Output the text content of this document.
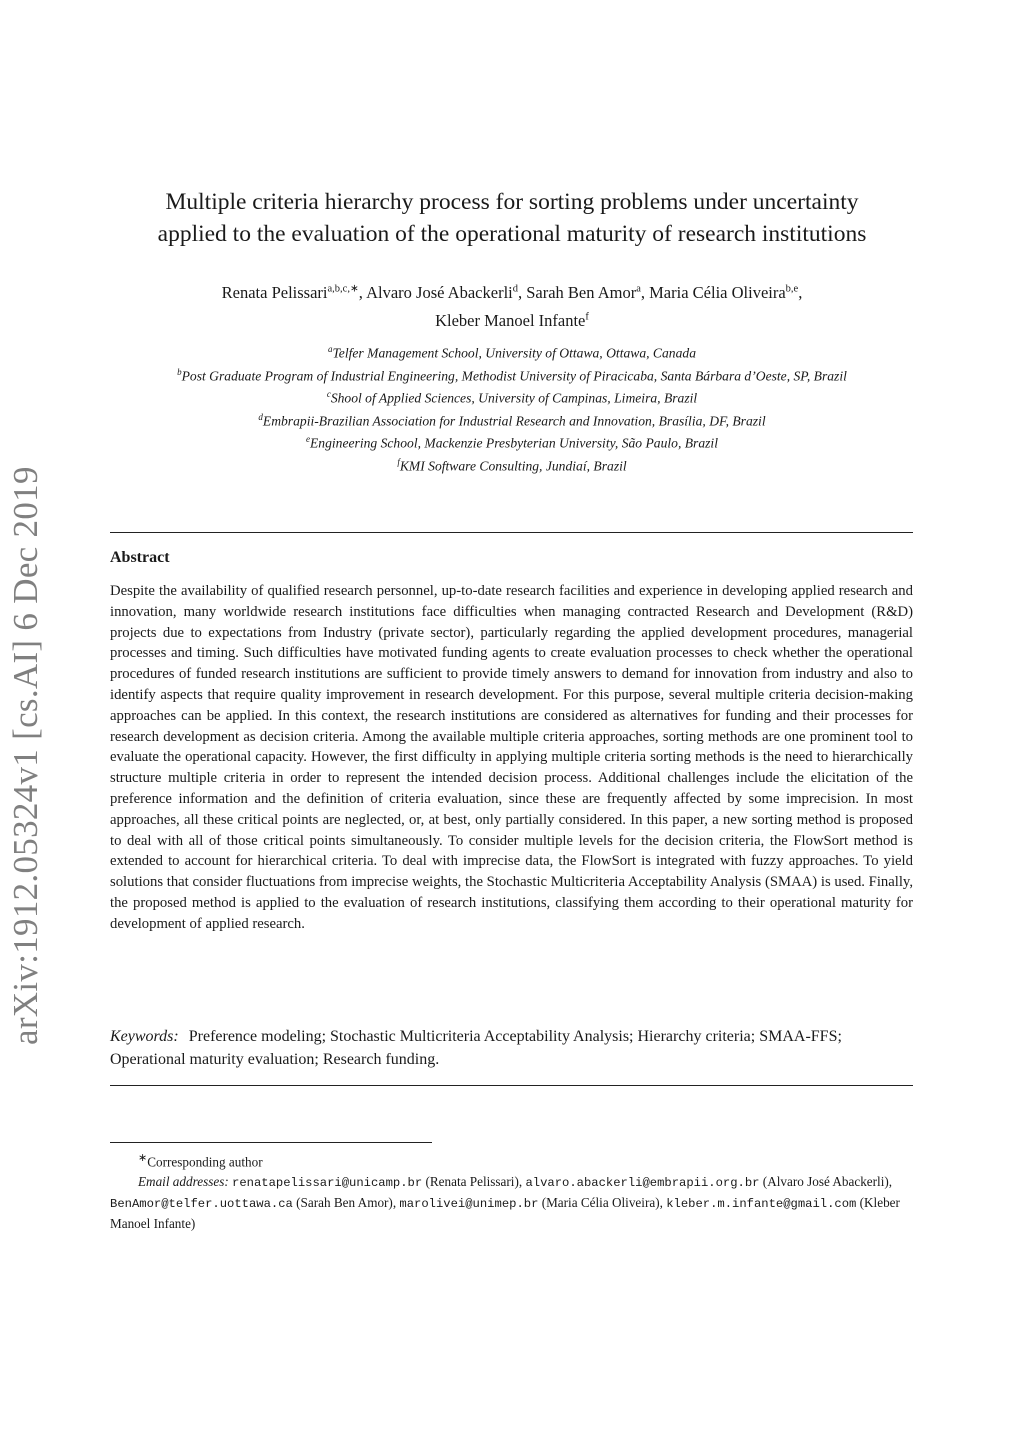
arXiv:1912.05324v1 [cs.AI] 6 Dec 2019
Multiple criteria hierarchy process for sorting problems under uncertainty
applied to the evaluation of the operational maturity of research institutions
Renata Pelissari$^{a,b,c,∗}$, Alvaro José Abackerli$^d$, Sarah Ben Amor$^a$, Maria Célia Oliveira$^{b,e}$,
Kleber Manoel Infante$^f$
$^a$Telfer Management School, University of Ottawa, Ottawa, Canada
$^b$Post Graduate Program of Industrial Engineering, Methodist University of Piracicaba, Santa Bárbara d’Oeste, SP, Brazil
$^c$Shool of Applied Sciences, University of Campinas, Limeira, Brazil
$^d$Embrapii-Brazilian Association for Industrial Research and Innovation, Brasília, DF, Brazil
$^e$Engineering School, Mackenzie Presbyterian University, São Paulo, Brazil
$^f$KMI Software Consulting, Jundiaí, Brazil
Abstract
Despite the availability of qualified research personnel, up-to-date research facilities and experience in developing applied research and innovation, many worldwide research institutions face difficulties when managing contracted Research and Development (R&D) projects due to expectations from Industry (private sector), particularly regarding the applied development procedures, managerial processes and timing. Such difficulties have motivated funding agents to create evaluation processes to check whether the operational procedures of funded research institutions are sufficient to provide timely answers to demand for innovation from industry and also to identify aspects that require quality improvement in research development. For this purpose, several multiple criteria decision-making approaches can be applied. In this context, the research institutions are considered as alternatives for funding and their processes for research development as decision criteria. Among the available multiple criteria approaches, sorting methods are one prominent tool to evaluate the operational capacity. However, the first difficulty in applying multiple criteria sorting methods is the need to hierarchically structure multiple criteria in order to represent the intended decision process. Additional challenges include the elicitation of the preference information and the definition of criteria evaluation, since these are frequently affected by some imprecision. In most approaches, all these critical points are neglected, or, at best, only partially considered. In this paper, a new sorting method is proposed to deal with all of those critical points simultaneously. To consider multiple levels for the decision criteria, the FlowSort method is extended to account for hierarchical criteria. To deal with imprecise data, the FlowSort is integrated with fuzzy approaches. To yield solutions that consider fluctuations from imprecise weights, the Stochastic Multicriteria Acceptability Analysis (SMAA) is used. Finally, the proposed method is applied to the evaluation of research institutions, classifying them according to their operational maturity for development of applied research.
Keywords: Preference modeling; Stochastic Multicriteria Acceptability Analysis; Hierarchy criteria; SMAA-FFS; Operational maturity evaluation; Research funding.
∗Corresponding author
Email addresses: renatapelissari@unicamp.br (Renata Pelissari), alvaro.abackerli@embrapii.org.br (Alvaro José Abackerli), BenAmor@telfer.uottawa.ca (Sarah Ben Amor), marolivei@unimep.br (Maria Célia Oliveira), kleber.m.infante@gmail.com (Kleber Manoel Infante)
